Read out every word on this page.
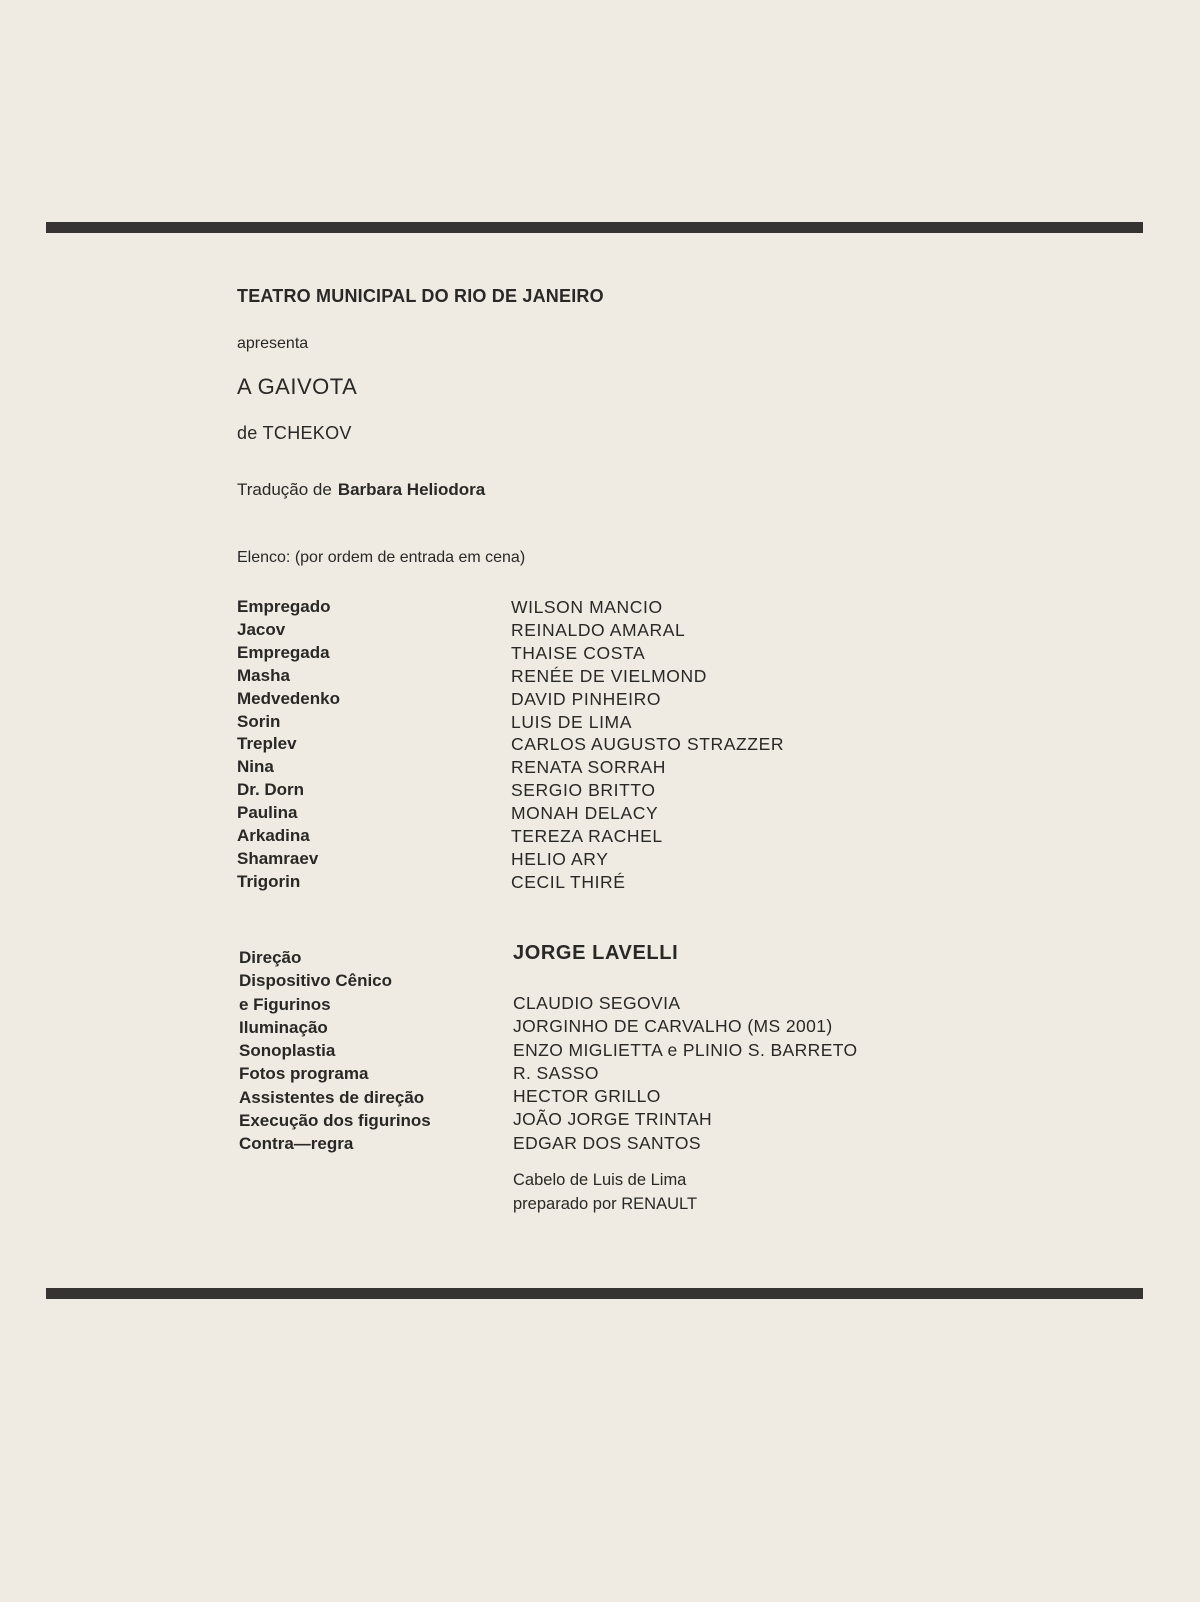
TEATRO MUNICIPAL DO RIO DE JANEIRO
apresenta
A GAIVOTA
de TCHEKOV
Tradução de Barbara Heliodora
Elenco: (por ordem de entrada em cena)
Empregado
Jacov
Empregada
Masha
Medvedenko
Sorin
Treplev
Nina
Dr. Dorn
Paulina
Arkadina
Shamraev
Trigorin
WILSON MANCIO
REINALDO AMARAL
THAISE COSTA
RENÉE DE VIELMOND
DAVID PINHEIRO
LUIS DE LIMA
CARLOS AUGUSTO STRAZZER
RENATA SORRAH
SERGIO BRITTO
MONAH DELACY
TEREZA RACHEL
HELIO ARY
CECIL THIRÉ
Direção
Dispositivo Cênico
e Figurinos
Iluminação
Sonoplastia
Fotos programa
Assistentes de direção
Execução dos figurinos
Contra—regra
JORGE LAVELLI
CLAUDIO SEGOVIA
JORGINHO DE CARVALHO (MS 2001)
ENZO MIGLIETTA e PLINIO S. BARRETO
R. SASSO
HECTOR GRILLO
JOÃO JORGE TRINTAH
EDGAR DOS SANTOS
Cabelo de Luis de Lima
preparado por RENAULT
